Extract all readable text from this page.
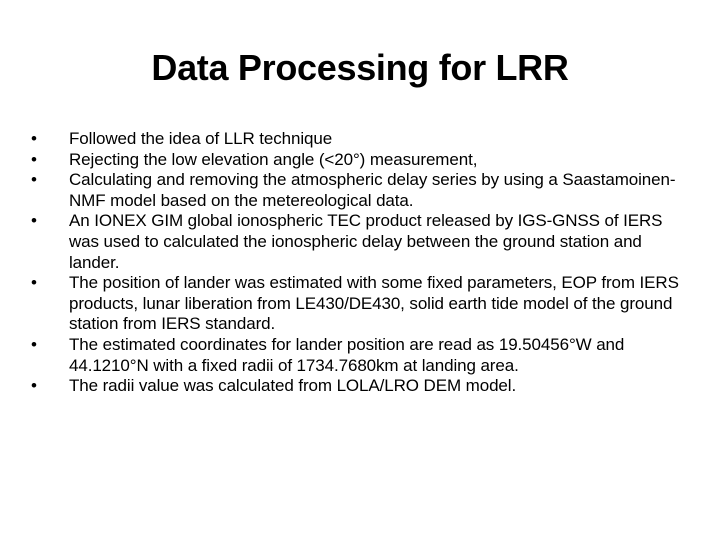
Data Processing for LRR
•	Followed the idea of LLR technique
•	Rejecting the low elevation angle (<20°) measurement,
•	Calculating and removing the atmospheric delay series by using a Saastamoinen-NMF model based on the metereological data.
•	An IONEX GIM global ionospheric TEC product released by IGS-GNSS of IERS was used to calculated the ionospheric delay between the ground station and lander.
•	The position of lander was estimated with some fixed parameters, EOP from IERS products, lunar liberation from LE430/DE430, solid earth tide model of the ground station from IERS standard.
•	The estimated coordinates for lander position are read as 19.50456°W and 44.1210°N with a fixed radii of 1734.7680km at landing area.
•	The radii value was calculated from LOLA/LRO DEM model.
